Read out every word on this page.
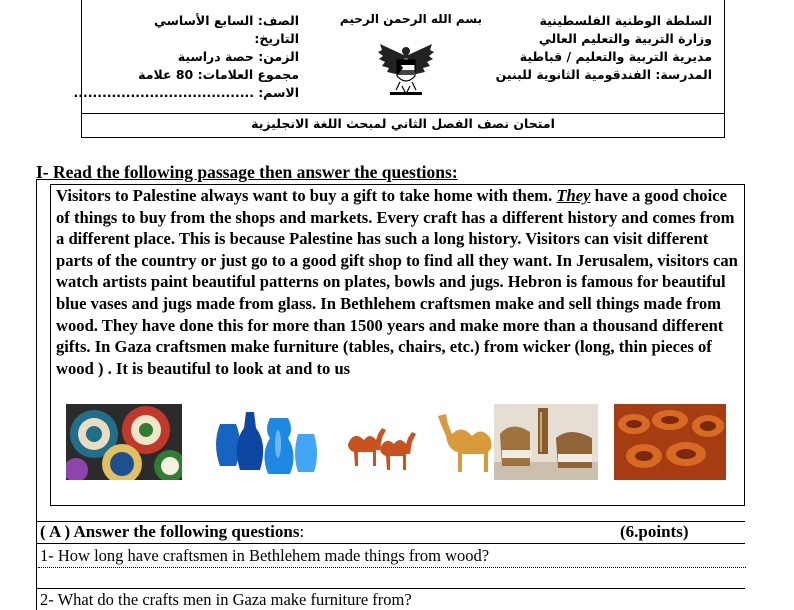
السلطة الوطنية الفلسطينية
وزارة التربية والتعليم العالي
مديرية التربية والتعليم / قباطية
المدرسة: الفندقومية الثانوية للبنين
بسم الله الرحمن الرحيم
الصف: السابع الأساسي
التاريخ:
الزمن: حصة دراسية
مجموع العلامات: 80 علامة
الاسم: ......................................
امتحان نصف الفصل الثاني لمبحث اللغة الانجليزية
I- Read the following passage then answer the questions:
Visitors to Palestine always want to buy a gift to take home with them. They have a good choice of things to buy from the shops and markets. Every craft has a different history and comes from a different place. This is because Palestine has such a long history. Visitors can visit different parts of the country or just go to a good gift shop to find all they want. In Jerusalem, visitors can watch artists paint beautiful patterns on plates, bowls and jugs. Hebron is famous for beautiful blue vases and jugs made from glass. In Bethlehem craftsmen make and sell things made from wood. They have done this for more than 1500 years and make more than a thousand different gifts. In Gaza craftsmen make furniture (tables, chairs, etc.) from wicker (long, thin pieces of wood ) . It is beautiful to look at and to us
( A ) Answer the following questions:	(6.points)
1- How long have craftsmen in Bethlehem made things from wood?
2- What do the crafts men in Gaza make furniture from?
